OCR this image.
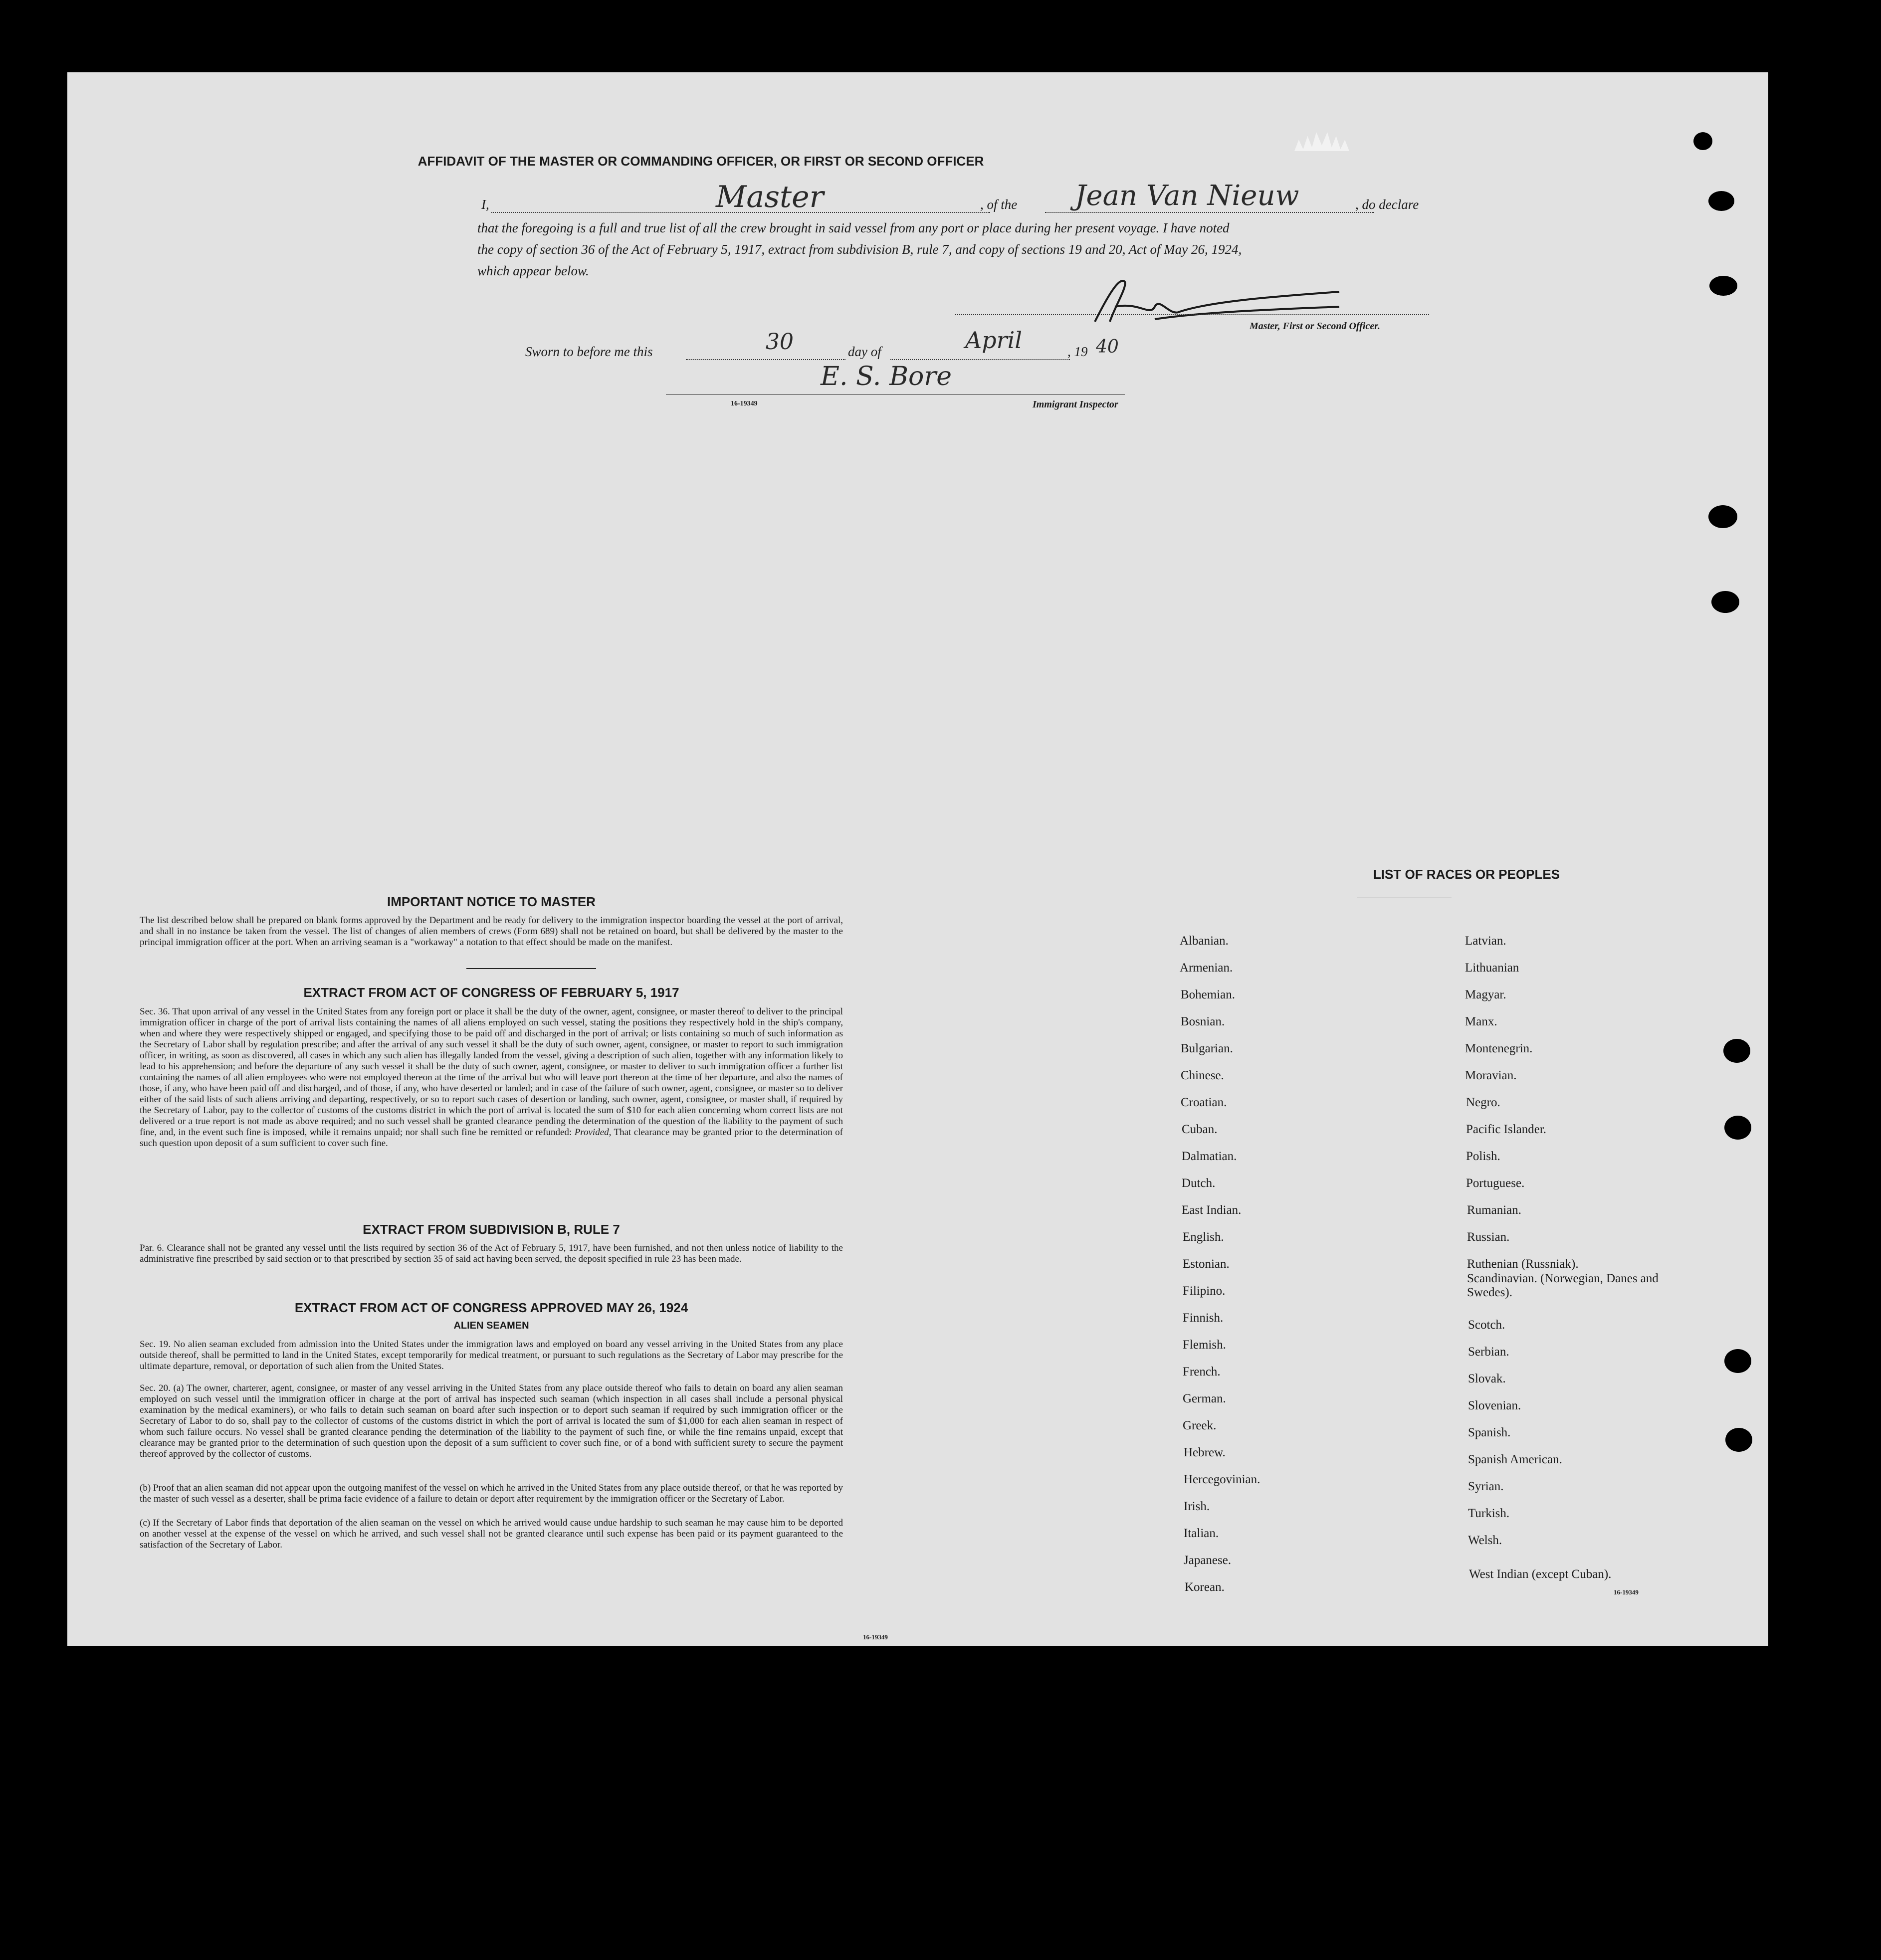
AFFIDAVIT OF THE MASTER OR COMMANDING OFFICER, OR FIRST OR SECOND OFFICER
I,	Master	, of the Jean Van Nieuw	, do declare
that the foregoing is a full and true list of all the crew brought in said vessel from any port or place during her present voyage. I have noted
the copy of section 36 of the Act of February 5, 1917, extract from subdivision B, rule 7, and copy of sections 19 and 20, Act of May 26, 1924,
which appear below.
Master, First or Second Officer.
Sworn to before me this	30	day of	April	, 19 40
E. S. Bore
16-19349	Immigrant Inspector
IMPORTANT NOTICE TO MASTER
The list described below shall be prepared on blank forms approved by the Department and be ready for delivery to the immigration inspector boarding the vessel at the port of arrival, and shall in no instance be taken from the vessel. The list of changes of alien members of crews (Form 689) shall not be retained on board, but shall be delivered by the master to the principal immigration officer at the port. When an arriving seaman is a "workaway" a notation to that effect should be made on the manifest.
EXTRACT FROM ACT OF CONGRESS OF FEBRUARY 5, 1917
Sec. 36. That upon arrival of any vessel in the United States from any foreign port or place it shall be the duty of the owner, agent, consignee, or master thereof to deliver to the principal immigration officer in charge of the port of arrival lists containing the names of all aliens employed on such vessel, stating the positions they respectively hold in the ship's company, when and where they were respectively shipped or engaged, and specifying those to be paid off and discharged in the port of arrival; or lists containing so much of such information as the Secretary of Labor shall by regulation prescribe; and after the arrival of any such vessel it shall be the duty of such owner, agent, consignee, or master to report to such immigration officer, in writing, as soon as discovered, all cases in which any such alien has illegally landed from the vessel, giving a description of such alien, together with any information likely to lead to his apprehension; and before the departure of any such vessel it shall be the duty of such owner, agent, consignee, or master to deliver to such immigration officer a further list containing the names of all alien employees who were not employed thereon at the time of the arrival but who will leave port thereon at the time of her departure, and also the names of those, if any, who have been paid off and discharged, and of those, if any, who have deserted or landed; and in case of the failure of such owner, agent, consignee, or master so to deliver either of the said lists of such aliens arriving and departing, respectively, or so to report such cases of desertion or landing, such owner, agent, consignee, or master shall, if required by the Secretary of Labor, pay to the collector of customs of the customs district in which the port of arrival is located the sum of $10 for each alien concerning whom correct lists are not delivered or a true report is not made as above required; and no such vessel shall be granted clearance pending the determination of the question of the liability to the payment of such fine, and, in the event such fine is imposed, while it remains unpaid; nor shall such fine be remitted or refunded: Provided, That clearance may be granted prior to the determination of such question upon deposit of a sum sufficient to cover such fine.
EXTRACT FROM SUBDIVISION B, RULE 7
Par. 6. Clearance shall not be granted any vessel until the lists required by section 36 of the Act of February 5, 1917, have been furnished, and not then unless notice of liability to the administrative fine prescribed by said section or to that prescribed by section 35 of said act having been served, the deposit specified in rule 23 has been made.
EXTRACT FROM ACT OF CONGRESS APPROVED MAY 26, 1924
ALIEN SEAMEN
Sec. 19. No alien seaman excluded from admission into the United States under the immigration laws and employed on board any vessel arriving in the United States from any place outside thereof, shall be permitted to land in the United States, except temporarily for medical treatment, or pursuant to such regulations as the Secretary of Labor may prescribe for the ultimate departure, removal, or deportation of such alien from the United States.
Sec. 20. (a) The owner, charterer, agent, consignee, or master of any vessel arriving in the United States from any place outside thereof who fails to detain on board any alien seaman employed on such vessel until the immigration officer in charge at the port of arrival has inspected such seaman (which inspection in all cases shall include a personal physical examination by the medical examiners), or who fails to detain such seaman on board after such inspection or to deport such seaman if required by such immigration officer or the Secretary of Labor to do so, shall pay to the collector of customs of the customs district in which the port of arrival is located the sum of $1,000 for each alien seaman in respect of whom such failure occurs. No vessel shall be granted clearance pending the determination of the liability to the payment of such fine, or while the fine remains unpaid, except that clearance may be granted prior to the determination of such question upon the deposit of a sum sufficient to cover such fine, or of a bond with sufficient surety to secure the payment thereof approved by the collector of customs.
(b) Proof that an alien seaman did not appear upon the outgoing manifest of the vessel on which he arrived in the United States from any place outside thereof, or that he was reported by the master of such vessel as a deserter, shall be prima facie evidence of a failure to detain or deport after requirement by the immigration officer or the Secretary of Labor.
(c) If the Secretary of Labor finds that deportation of the alien seaman on the vessel on which he arrived would cause undue hardship to such seaman he may cause him to be deported on another vessel at the expense of the vessel on which he arrived, and such vessel shall not be granted clearance until such expense has been paid or its payment guaranteed to the satisfaction of the Secretary of Labor.
16-19349
LIST OF RACES OR PEOPLES
Albanian.
Armenian.
Bohemian.
Bosnian.
Bulgarian.
Chinese.
Croatian.
Cuban.
Dalmatian.
Dutch.
East Indian.
English.
Estonian.
Filipino.
Finnish.
Flemish.
French.
German.
Greek.
Hebrew.
Hercegovinian.
Irish.
Italian.
Japanese.
Korean.
Latvian.
Lithuanian
Magyar.
Manx.
Montenegrin.
Moravian.
Negro.
Pacific Islander.
Polish.
Portuguese.
Rumanian.
Russian.
Ruthenian (Russniak).
Scandinavian. (Norwegian, Danes and Swedes).
Scotch.
Serbian.
Slovak.
Slovenian.
Spanish.
Spanish American.
Syrian.
Turkish.
Welsh.
West Indian (except Cuban).
16-19349
